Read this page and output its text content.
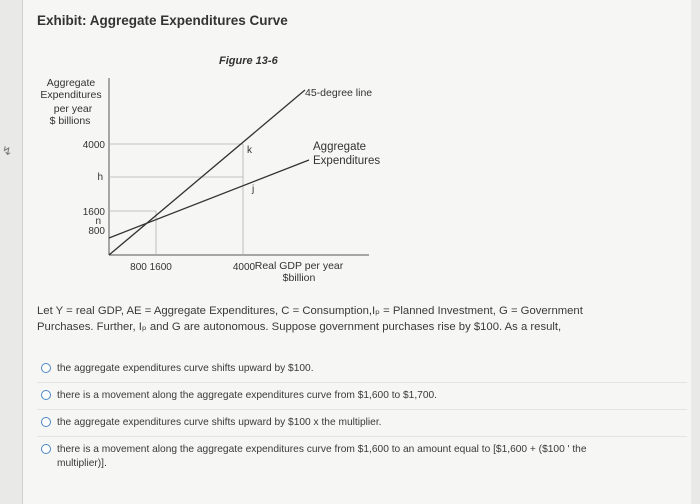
Exhibit: Aggregate Expenditures Curve
Figure 13-6
Aggregate
Expenditures
per year
$ billions
45-degree line
Aggregate
Expenditures
k
j
4000
h
1600
n
800
800 1600	4000 Real GDP per year
$billion
Let Y = real GDP, AE = Aggregate Expenditures, C = Consumption,Iₚ = Planned Investment, G = Government Purchases. Further, Iₚ and G are autonomous. Suppose government purchases rise by $100. As a result,
the aggregate expenditures curve shifts upward by $100.
there is a movement along the aggregate expenditures curve from $1,600 to $1,700.
the aggregate expenditures curve shifts upward by $100 x the multiplier.
there is a movement along the aggregate expenditures curve from $1,600 to an amount equal to [$1,600 + ($100 ' the multiplier)].
↯
